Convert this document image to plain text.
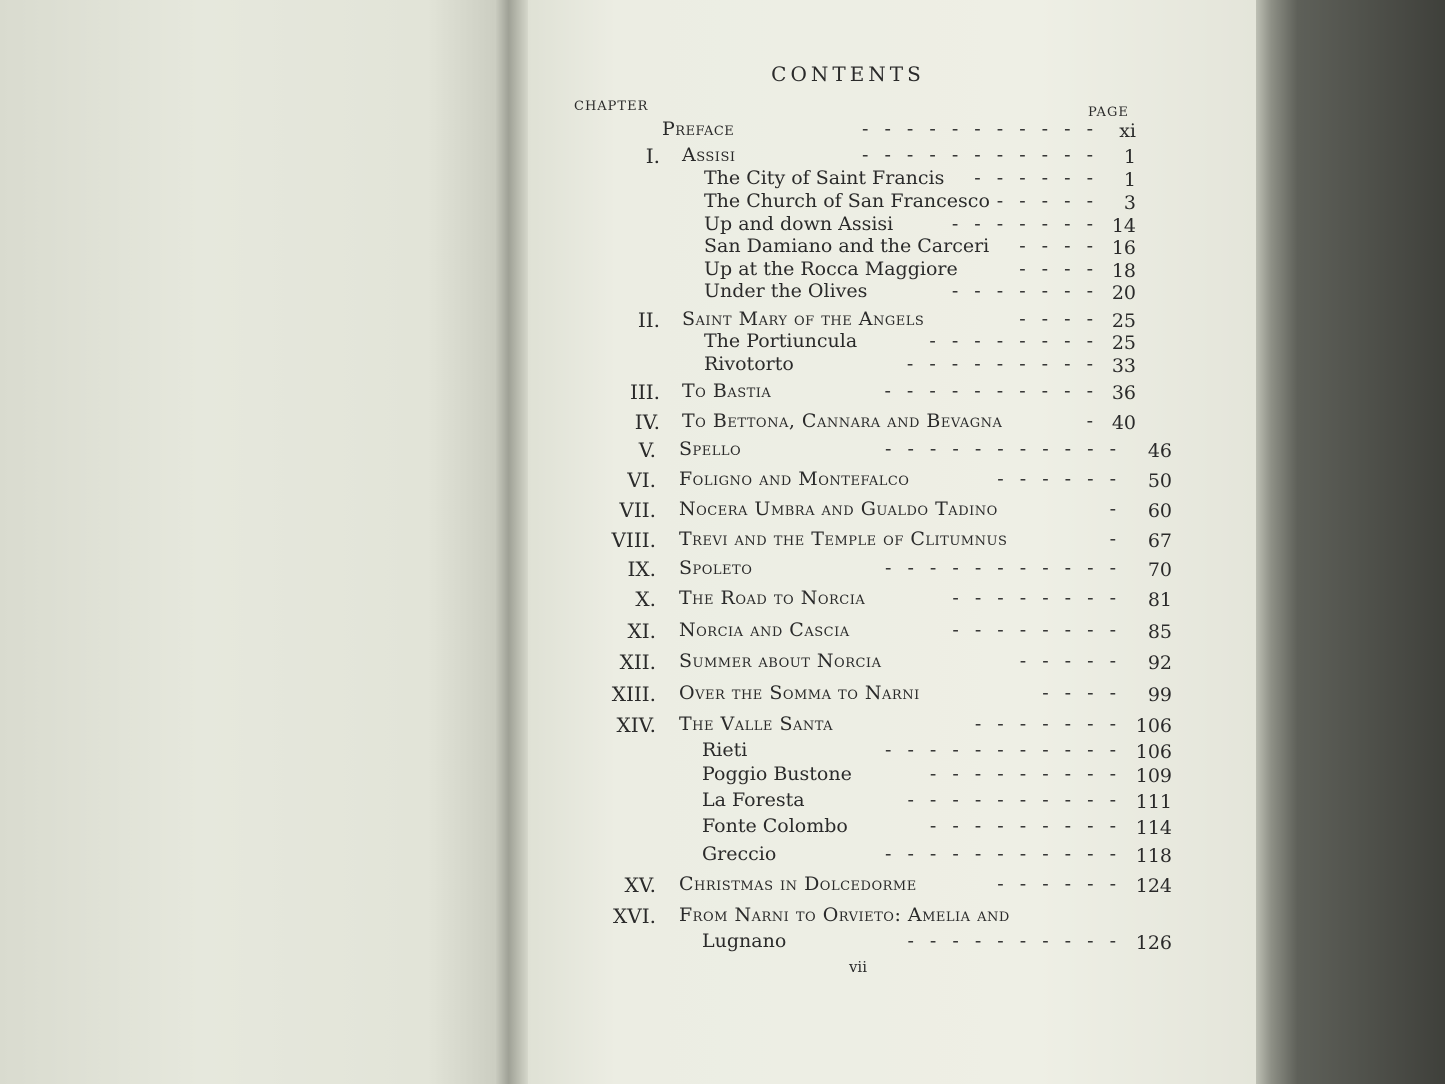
CONTENTS
CHAPTER	PAGE
Preface	- - - - - - - - - - - xi
I. Assisi	- - - - - - - - - - - 1
The City of Saint Francis - - - - - - 1
The Church of San Francesco - - - - - 3
Up and down Assisi	- - - - - - - 14
San Damiano and the Carceri - - - - 16
Up at the Rocca Maggiore	- - - - 18
Under the Olives	- - - - - - - 20
II. Saint Mary of the Angels	- - - - 25
The Portiuncula	- - - - - - - - 25
Rivotorto	- - - - - - - - - 33
III. To Bastia	- - - - - - - - - - 36
IV. To Bettona, Cannara and Bevagna	- 40
V. Spello	- - - - - - - - - - - 46
VI. Foligno and Montefalco	- - - - - - 50
VII. Nocera Umbra and Gualdo Tadino	- 60
VIII. Trevi and the Temple of Clitumnus	- 67
IX. Spoleto	- - - - - - - - - - - 70
X. The Road to Norcia	- - - - - - - - 81
XI. Norcia and Cascia	- - - - - - - - 85
XII. Summer about Norcia	- - - - - 92
XIII. Over the Somma to Narni	- - - - 99
XIV. The Valle Santa	- - - - - - - 106
Rieti	- - - - - - - - - - - 106
Poggio Bustone	- - - - - - - - - 109
La Foresta	- - - - - - - - - - 111
Fonte Colombo	- - - - - - - - - 114
Greccio	- - - - - - - - - - - 118
XV. Christmas in Dolcedorme	- - - - - - 124
XVI. From Narni to Orvieto: Amelia and
Lugnano	- - - - - - - - - - 126
vii
